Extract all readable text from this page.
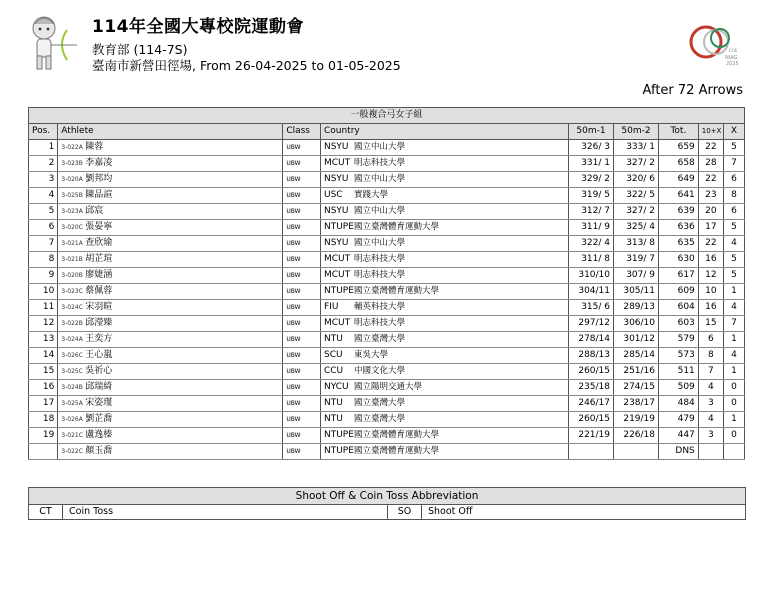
114年全國大專校院運動會
教育部 (114-7S)
臺南市新營田徑場, From 26-04-2025 to 01-05-2025
CUE
NIAG
2025
After 72 Arrows
一般複合弓女子組								
Pos.	Athlete	Class	Country	50m-1	50m-2	Tot.	10+X	X
1	3-022A 陳蓉	UBW	NSYU 國立中山大學	326/ 3	333/ 1	659	22	5
2	3-023B 李嘉凌	UBW	MCUT 明志科技大學	331/ 1	327/ 2	658	28	7
3	3-020A 劉邦均	UBW	NSYU 國立中山大學	329/ 2	320/ 6	649	22	6
4	3-025B 陳品諠	UBW	USC 實踐大學	319/ 5	322/ 5	641	23	8
5	3-023A 邱宸	UBW	NSYU 國立中山大學	312/ 7	327/ 2	639	20	6
6	3-020C 張晏寧	UBW	NTUPE國立臺灣體育運動大學	311/ 9	325/ 4	636	17	5
7	3-021A 查欣瑜	UBW	NSYU 國立中山大學	322/ 4	313/ 8	635	22	4
8	3-021B 胡芷瑄	UBW	MCUT 明志科技大學	311/ 8	319/ 7	630	16	5
9	3-020B 廖婕涵	UBW	MCUT 明志科技大學	310/10	307/ 9	617	12	5
10	3-023C 蔡佩蓉	UBW	NTUPE國立臺灣體育運動大學	304/11	305/11	609	10	1
11	3-024C 宋羽暄	UBW	FIU 輔英科技大學	315/ 6	289/13	604	16	4
12	3-022B 邱瀅臻	UBW	MCUT 明志科技大學	297/12	306/10	603	15	7
13	3-024A 王奕方	UBW	NTU 國立臺灣大學	278/14	301/12	579	6	1
14	3-026C 王心嵐	UBW	SCU 東吳大學	288/13	285/14	573	8	4
15	3-025C 吳祈心	UBW	CCU 中國文化大學	260/15	251/16	511	7	1
16	3-024B 邱瑞綺	UBW	NYCU 國立陽明交通大學	235/18	274/15	509	4	0
17	3-025A 宋姿瑾	UBW	NTU 國立臺灣大學	246/17	238/17	484	3	0
18	3-026A 劉芷喬	UBW	NTU 國立臺灣大學	260/15	219/19	479	4	1
19	3-021C 盧逸榛	UBW	NTUPE國立臺灣體育運動大學	221/19	226/18	447	3	0
	3-022C 顏玉喬	UBW	NTUPE國立臺灣體育運動大學			DNS		
Shoot Off & Coin Toss Abbreviation
CT	Coin Toss	SO	Shoot Off
